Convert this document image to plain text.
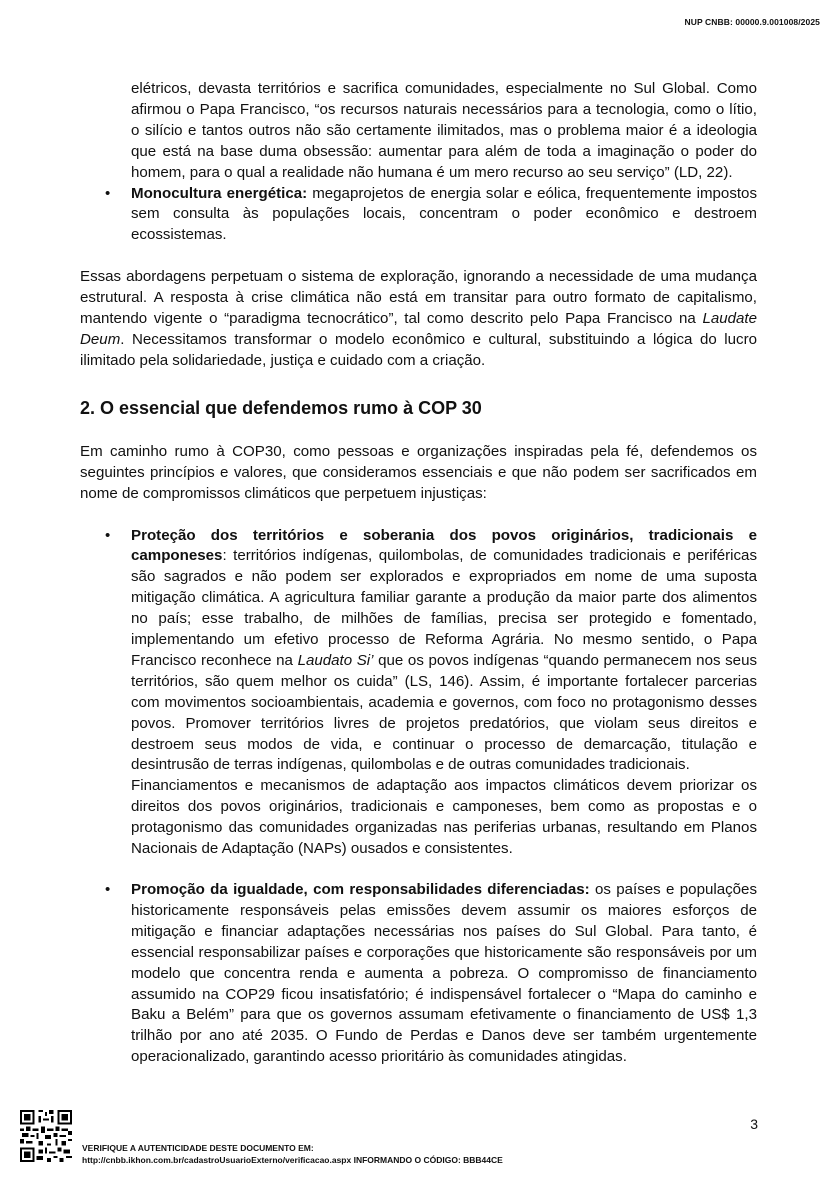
NUP CNBB: 00000.9.001008/2025

elétricos, devasta territórios e sacrifica comunidades, especialmente no Sul Global. Como afirmou o Papa Francisco, “os recursos naturais necessários para a tecnologia, como o lítio, o silício e tantos outros não são certamente ilimitados, mas o problema maior é a ideologia que está na base duma obsessão: aumentar para além de toda a imaginação o poder do homem, para o qual a realidade não humana é um mero recurso ao seu serviço” (LD, 22).

• Monocultura energética: megaprojetos de energia solar e eólica, frequentemente impostos sem consulta às populações locais, concentram o poder econômico e destroem ecossistemas.

Essas abordagens perpetuam o sistema de exploração, ignorando a necessidade de uma mudança estrutural. A resposta à crise climática não está em transitar para outro formato de capitalismo, mantendo vigente o “paradigma tecnocrático”, tal como descrito pelo Papa Francisco na Laudate Deum. Necessitamos transformar o modelo econômico e cultural, substituindo a lógica do lucro ilimitado pela solidariedade, justiça e cuidado com a criação.

2. O essencial que defendemos rumo à COP 30

Em caminho rumo à COP30, como pessoas e organizações inspiradas pela fé, defendemos os seguintes princípios e valores, que consideramos essenciais e que não podem ser sacrificados em nome de compromissos climáticos que perpetuem injustiças:

• Proteção dos territórios e soberania dos povos originários, tradicionais e camponeses: territórios indígenas, quilombolas, de comunidades tradicionais e periféricas são sagrados e não podem ser explorados e expropriados em nome de uma suposta mitigação climática. A agricultura familiar garante a produção da maior parte dos alimentos no país; esse trabalho, de milhões de famílias, precisa ser protegido e fomentado, implementando um efetivo processo de Reforma Agrária. No mesmo sentido, o Papa Francisco reconhece na Laudato Si’ que os povos indígenas “quando permanecem nos seus territórios, são quem melhor os cuida” (LS, 146). Assim, é importante fortalecer parcerias com movimentos socioambientais, academia e governos, com foco no protagonismo desses povos. Promover territórios livres de projetos predatórios, que violam seus direitos e destroem seus modos de vida, e continuar o processo de demarcação, titulação e desintrusão de terras indígenas, quilombolas e de outras comunidades tradicionais.
Financiamentos e mecanismos de adaptação aos impactos climáticos devem priorizar os direitos dos povos originários, tradicionais e camponeses, bem como as propostas e o protagonismo das comunidades organizadas nas periferias urbanas, resultando em Planos Nacionais de Adaptação (NAPs) ousados e consistentes.
• Promoção da igualdade, com responsabilidades diferenciadas: os países e populações historicamente responsáveis pelas emissões devem assumir os maiores esforços de mitigação e financiar adaptações necessárias nos países do Sul Global. Para tanto, é essencial responsabilizar países e corporações que historicamente são responsáveis por um modelo que concentra renda e aumenta a pobreza. O compromisso de financiamento assumido na COP29 ficou insatisfatório; é indispensável fortalecer o “Mapa do caminho e Baku a Belém” para que os governos assumam efetivamente o financiamento de US$ 1,3 trilhão por ano até 2035. O Fundo de Perdas e Danos deve ser também urgentemente operacionalizado, garantindo acesso prioritário às comunidades atingidas.
3
VERIFIQUE A AUTENTICIDADE DESTE DOCUMENTO EM:
http://cnbb.ikhon.com.br/cadastroUsuarioExterno/verificacao.aspx INFORMANDO O CÓDIGO: BBB44CE
